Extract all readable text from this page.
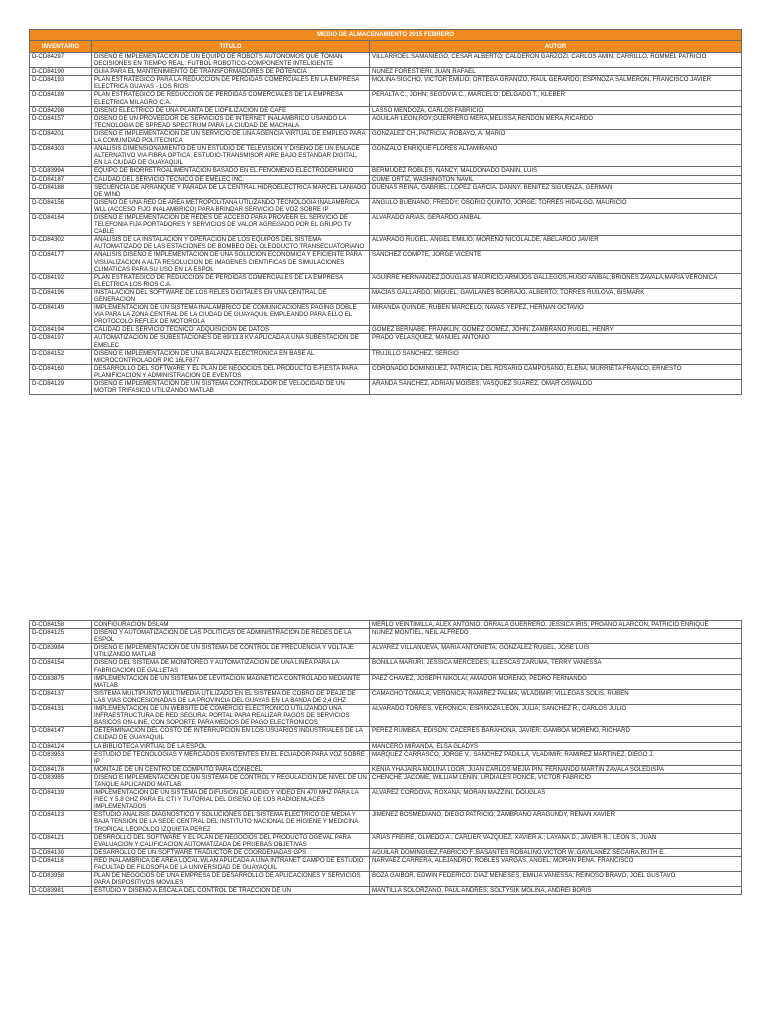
MEDIO DE ALMACENAMIENTO 2015 FEBRERO		
INVENTARIO	TITULO	AUTOR
D-CD84297	DISEÑO E IMPLEMENTACION DE UN EQUIPO DE ROBOTS AUTONOMOS QUE TOMAN DECISIONES EN TIEMPO REAL: FUTBOL ROBOTICO-COMPONENTE INTELIGENTE	VILLARROEL SAMANIEGO, CESAR ALBERTO; CALDERON GARZOZI, CARLOS AMIN; CARRILLO, ROMMEL PATRICIO
D-CD84190	GUIA PARA EL MANTENIMIENTO DE TRANSFORMADORES DE POTENCIA	NUNEZ FORESTIERI, JUAN RAFAEL
D-CD84193	PLAN ESTRATEGICO PARA LA REDUCCION DE PERDIDAS COMERCIALES EN LA EMPRESA ELECTRICA GUAYAS - LOS RIOS	MOLINA SIGCHO, VICTOR EMILIO; ORTEGA GRANIZO, RAUL GERARDO; ESPINOZA SALMERON, FRANCISCO JAVIER
D-CD84189	PLAN ESTRATEGICO DE REDUCCION DE PERDIDAS COMERCIALES DE LA EMPRESA ELECTRICA MILAGRO C.A.	PERALTA C., JOHN; SEGOVIA C., MARCELO; DELGADO T., KLEBER
D-CD84298	DISEÑO ELECTRICO DE UNA PLANTA DE LIOFILIZACION DE CAFE	LASSO MENDOZA, CARLOS FABRICIO
D-CD84157	DISEÑO DE UN PROVEEDOR DE SERVICIOS DE INTERNET INALAMBRICO USANDO LA TECNOLOGIA DE SPREAD SPECTRUM PARA LA CIUDAD DE MACHALA	AGUILAR LEON,ROY;GUERRERO MERA,MELISSA;RENDON MERA,RICARDO
D-CD84201	DISEÑO E IMPLEMENTACION DE UN SERVICIO DE UNA AGENCIA VIRTUAL DE EMPLEO PARA LA COMUNIDAD POLITECNICA	GONZALEZ CH.,PATRICIA; ROBAYO, A. MARIO
D-CD84303	ANALISIS DIMENSIONAMIENTO DE UN ESTUDIO DE TELEVISION Y DISEÑO DE UN ENLACE ALTERNATIVO VIA FIBRA OPTICA: ESTUDIO-TRANSMISOR AIRE BAJO ESTANDAR DIGITAL, EN LA CIUDAD DE GUAYAQUIL	GONZALO ENRIQUE FLORES ALTAMIRANO
D-CD83994	EQUIPO DE BIORRETROALIMENTACION BASADO EN EL FENOMENO ELECTRODERMICO	BERMUDEZ ROBLES, NANCY; MALDONADO DANIN, LUIS
D-CD84187	CALIDAD DEL SERVICIO TECNICO DE EMELEC INC.	CUME ORTIZ, WASHINGTON NAVIL
D-CD84188	SECUENCIA DE ARRANQUE Y PARADA DE LA CENTRAL HIDROELECTRICA MARCEL LANIADO DE WIND	DUENAS REINA, GABRIEL; LOPEZ GARCIA, DANNY; BENITEZ SIGUENZA, GERMAN
D-CD84156	DISEÑO DE UNA RED DE AREA METROPOLITANA UTILIZANDO TECNOLOGIA INALAMBRICA WLL (ACCESO FIJO INALAMBRICO) PARA BRINDAR SERVICIO DE VOZ SOBRE IP	ANGULO BUENANO, FREDDY; OSORIO QUINTO, JORGE; TORRES HIDALGO, MAURICIO
D-CD84164	DISEÑO E IMPLEMENTACION DE REDES DE ACCESO PARA PROVEER EL SERVICIO DE TELEFONIA FIJA PORTADORES Y SERVICIOS DE VALOR AGREGADO POR EL GRUPO TV CABLE	ALVARADO ARIAS, GERARDO ANIBAL
D-CD84302	ANALISIS DE LA INSTALACION Y OPERACION DE LOS EQUIPOS DEL SISTEMA AUTOMATIZADO DE LAS ESTACIONES DE BOMBEO DEL OLEODUCTO TRANSECUATORIANO	ALVARADO RUGEL, ANGEL EMILIO; MORENO NICOLALDE, ABELARDO JAVIER
D-CD84177	ANALISIS DISEÑO E IMPLEMENTACION DE UNA SOLUCION ECONOMICA Y EFICIENTE PARA VISUALIZACION A ALTA RESOLUCION DE IMAGENES CIENTIFICAS DE SIMULACIONES CLIMATICAS PARA SU USO EN LA ESPOL	SANCHEZ COMPTE, JORGE VICENTE
D-CD84192	PLAN ESTRATEGICO DE REDUCCION DE PERDIDAS COMERCIALES DE LA EMPRESA ELECTRICA LOS RIOS C.A.	AGUIRRE HERNANDEZ,DOUGLAS MAURICIO;ARMIJOS GALLEGOS,HUGO ANIBAL;BRIONES ZAVALA,MARIA VERONICA
D-CD84196	INSTALACION DEL SOFTWARE DE LOS RELES DIGITALES EN UNA CENTRAL DE GENERACION	MACIAS GALLARDO, MIGUEL; GAVILANES BORRAJO, ALBERTO; TORRES RUILOVA, BISMARK
D-CD84149	IMPLEMENTACION DE UN SISTEMA INALAMBRICO DE COMUNICACIONES PAGING DOBLE VIA PARA LA ZONA CENTRAL DE LA CIUDAD DE GUAYAQUIL EMPLEANDO PARA ELLO EL PROTOCOLO REFLEX DE MOTOROLA	MIRANDA QUINDE, RUBEN MARCELO; NAVAS YEPEZ, HERNAN OCTAVIO
D-CD84194	CALIDAD DEL SERVICIO TECNICO: ADQUISICION DE DATOS	GOMEZ BERNABE, FRANKLIN; GOMEZ GOMEZ, JOHN; ZAMBRANO RUGEL, HENRY
D-CD84197	AUTOMATIZACION DE SUBESTACIONES DE 69/13.8 KV APLICADA A UNA SUBESTACION DE EMELEC	PRADO VELASQUEZ, MANUEL ANTONIO
D-CD84152	DISEÑO E IMPLEMENTACION DE UNA BALANZA ELECTRONICA EN BASE AL MICROCONTROLADOR PIC 16LF877	TRUJILLO SANCHEZ, SERGIO
D-CD84160	DESARROLLO DEL SOFTWARE Y EL PLAN DE NEGOCIOS DEL PRODUCTO E-FIESTA PARA PLANIFICACION Y ADMINISTRACION DE EVENTOS	CORONADO DOMINGUEZ, PATRICIA; DEL ROSARIO CAMPOSANO, ELENA; MURRIETA FRANCO, ERNESTO
D-CD84129	DISEÑO E IMPLEMENTACION DE UN SISTEMA CONTROLADOR DE VELOCIDAD DE UN MOTOR TRIFASICO UTILIZANDO MATLAB	ARANDA SANCHEZ, ADRIAN MOISES; VASQUEZ SUAREZ, OMAR OSWALDO
D-CD84158	CONFIGURACION DSLAM	MERLO VEINTIMILLA, ALEX ANTONIO; ORRALA GUERRERO, JESSICA IRIS; PROANO ALARCON, PATRICIO ENRIQUE
D-CD84125	DISEÑO Y AUTOMATIZACION DE LAS POLITICAS DE ADMINISTRACION DE REDES DE LA ESPOL	NUNEZ MONTIEL, NEIL ALFREDO
D-CD83984	DISEÑO E IMPLEMENTACION DE UN SISTEMA DE CONTROL DE FRECUENCIA Y VOLTAJE UTILIZANDO MATLAB	ALVAREZ VILLANUEVA, MARIA ANTONIETA; GONZALEZ RUGEL, JOSE LUIS
D-CD84154	DISEÑO DEL SISTEMA DE MONITOREO Y AUTOMATIZACION DE UNA LINEA PARA LA FABRICACION DE GALLETAS	BONILLA MARURI, JESSICA MERCEDES; ILLESCAS ZARUMA, TERRY VANESSA
D-CD83875	IMPLEMENTACION DE UN SISTEMA DE LEVITACION MAGNETICA CONTROLADO MEDIANTE MATLAB	PAEZ CHAVEZ, JOSEPH NIKOLAI; AMADOR MORENO, PEDRO FERNANDO
D-CD84137	SISTEMA MULTIPUNTO MULTIMEDIA UTILIZADO EN EL SISTEMA DE COBRO DE PEAJE DE LAS VIAS CONCESIONADAS DE LA PROVINCIA DEL GUAYAS EN LA BANDA DE 2,4 GHZ	CAMACHO TOMALA, VERONICA; RAMIREZ PALMA, WLADIMIR; VILLEGAS SOLIS, RUBEN
D-CD84131	IMPLEMENTACION DE UN WEBSITE DE COMERCIO ELECTRONICO UTILIZANDO UNA INFRAESTRUCTURA DE RED SEGURA: PORTAL PARA REALIZAR PAGOS DE SERVICIOS BASICOS ON-LINE, CON SOPORTE PARA MEDIOS DE PAGO ELECTRONICOS	ALVARADO TORRES, VERONICA; ESPINOZA LEON, JULIA; SANCHEZ R., CARLOS JULIO
D-CD84147	DETERMINACION DEL COSTO DE INTERRUPCION EN LOS USUARIOS INDUSTRIALES DE LA CIUDAD DE GUAYAQUIL	PEREZ RUMBEA, EDISON; CACERES BARAHONA, JAVIER; GAMBOA MORENO, RICHARD
D-CD84124	LA BIBLIOTECA VIRTUAL DE LA ESPOL	MANCERO MIRANDA, ELSA GLADYS
D-CD83953	ESTUDIO DE TECNOLOGIAS Y MERCADOS EXISTENTES EN EL ECUADOR PARA VOZ SOBRE IP	MARQUEZ CARRASCO, JORGE V.; SANCHEZ PADILLA, VLADIMIR; RAMIREZ MARTINEZ, DIEGO J.
D-CD84178	MONTAJE DE UN CENTRO DE COMPUTO PARA CONECEL	KENIA YHAJAIRA MOLINA LOOR, JUAN CARLOS MEJIA PIN, FERNANDO MARTIN ZAVALA SOLEDISPA
D-CD83985	DISEÑO E IMPLEMENTACION DE UN SISTEMA DE CONTROL Y REGULACION DE NIVEL DE UN TANQUE APLICANDO MATLAB	CHENCHE JACOME, WILLIAM LENIN; URDIALES PONCE, VICTOR FABRICIO
D-CD84139	IMPLEMENTACION DE UN SISTEMA DE DIFUSION DE AUDIO Y VIDEO EN 470 MHZ PARA LA FIEC Y 5.8 GHZ PARA EL CTI Y TUTORIAL DEL DISEÑO DE LOS RADIOENLACES IMPLEMENTADOS	ALVAREZ CORDOVA, ROXANA; MORAN MAZZINI, DOUGLAS
D-CD84123	ESTUDIO ANALISIS DIAGNOSTICO Y SOLUCIONES DEL SISTEMA ELECTRICO DE MEDIA Y BAJA TENSION DE LA SEDE CENTRAL DEL INSTITUTO NACIONAL DE HIGIENE Y MEDICINA TROPICAL LEOPOLDO IZQUIETA PEREZ	JIMENEZ BOSMEDIANO, DIEGO PATRICIO; ZAMBRANO ARAGUNDY, RENAN XAVIER
D-CD84121	DESRROLLO DEL SOFTWARE Y EL PLAN DE NEGOCIOS DEL PRODUCTO DGEVAL PARA EVALUACION Y CALIFICACION AUTOMATIZADA DE PRUEBAS OBJETIVAS	ARIAS FREIRE, OLMEDO A.; CARLIER VAZQUEZ, XAVIER A.; LAYANA D., JAVIER R.; LEON S., JUAN
D-CD84130	DESARROLLO DE UN SOFTWARE TRADUCTOR DE COORDENADAS GPS	AGUILAR DOMINGUEZ,FABRICIO F.;BASANTES ROBALINO,VICTOR W.;GAVILANEZ SECAIRA,RUTH E.
D-CD84118	RED INALAMBRICA DE AREA LOCAL WLAN APLICADA A UNA INTRANET CAMPO DE ESTUDIO: FACULTAD DE FILOSOFIA DE LA UNIVERSIDAD DE GUAYAQUIL	NARVAEZ CARRERA, ALEJANDRO; ROBLES VARGAS, ANGEL; MORAN PENA, FRANCISCO
D-CD83958	PLAN DE NEGOCIOS DE UNA EMPRESA DE DESARROLLO DE APLICACIONES Y SERVICIOS PARA DISPOSITIVOS MOVILES	BOZA GAIBOR, EDWIN FEDERICO; DIAZ MENESES, EMILIA VANESSA; REINOSO BRAVO, JOEL GUSTAVO
D-CD83981	ESTUDIO Y DISEÑO A ESCALA DEL CONTROL DE TRACCION DE UN	MANTILLA SOLORZANO, PAUL ANDRES; SOLTYSIK MOLINA, ANDREI BORIS
